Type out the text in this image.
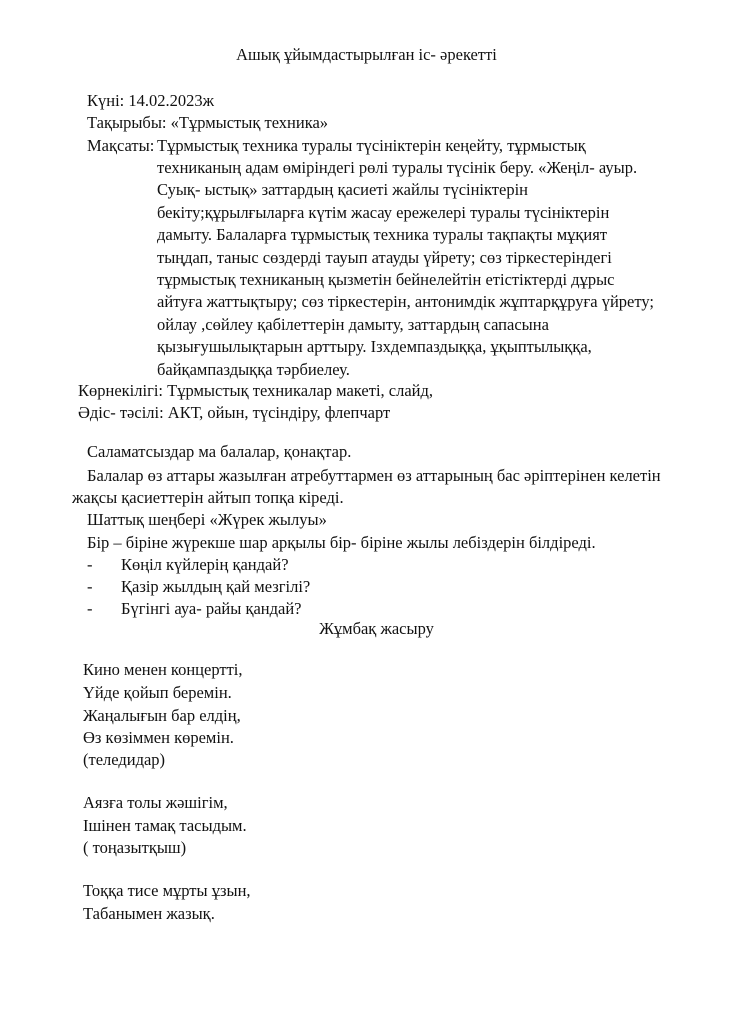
Ашық ұйымдастырылған іс- әрекетті
Күні: 14.02.2023ж
Тақырыбы: «Тұрмыстық техника»
Мақсаты: Тұрмыстық техника туралы түсініктерін кеңейту, тұрмыстық
техниканың адам өміріндегі рөлі туралы түсінік беру. «Жеңіл- ауыр.
Суық- ыстық» заттардың қасиеті жайлы түсініктерін
бекіту;құрылғыларға күтім жасау ережелері туралы түсініктерін
дамыту. Балаларға тұрмыстық техника туралы тақпақты мұқият
тыңдап, таныс сөздерді тауып атауды үйрету; сөз тіркестеріндегі
тұрмыстық техниканың қызметін бейнелейтін етістіктерді дұрыс
айтуға жаттықтыру; сөз тіркестерін, антонимдік жұптарқұруға үйрету;
ойлау ,сөйлеу қабілеттерін дамыту, заттардың сапасына
қызығушылықтарын арттыру. Ізхдемпаздыққа, ұқыптылыққа,
байқампаздыққа тәрбиелеу.
Көрнекілігі: Тұрмыстық техникалар макеті, слайд,
Әдіс- тәсілі: АКТ, ойын, түсіндіру, флепчарт
Саламатсыздар ма балалар, қонақтар.
Балалар өз аттары жазылған атребуттармен өз аттарының бас әріптерінен келетін
жақсы қасиеттерін айтып топқа кіреді.
Шаттық шеңбері «Жүрек жылуы»
Бір – біріне жүрекше шар арқылы бір- біріне жылы лебіздерін білдіреді.
- Көңіл күйлерің қандай?
- Қазір жылдың қай мезгілі?
- Бүгінгі ауа- райы қандай?
Жұмбақ жасыру
Кино менен концертті,
Үйде қойып беремін.
Жаңалығын бар елдің,
Өз көзіммен көремін.
(теледидар)
Аязға толы жәшігім,
Ішінен тамақ тасыдым.
( тоңазытқыш)
Тоққа тисе мұрты ұзын,
Табанымен жазық.
